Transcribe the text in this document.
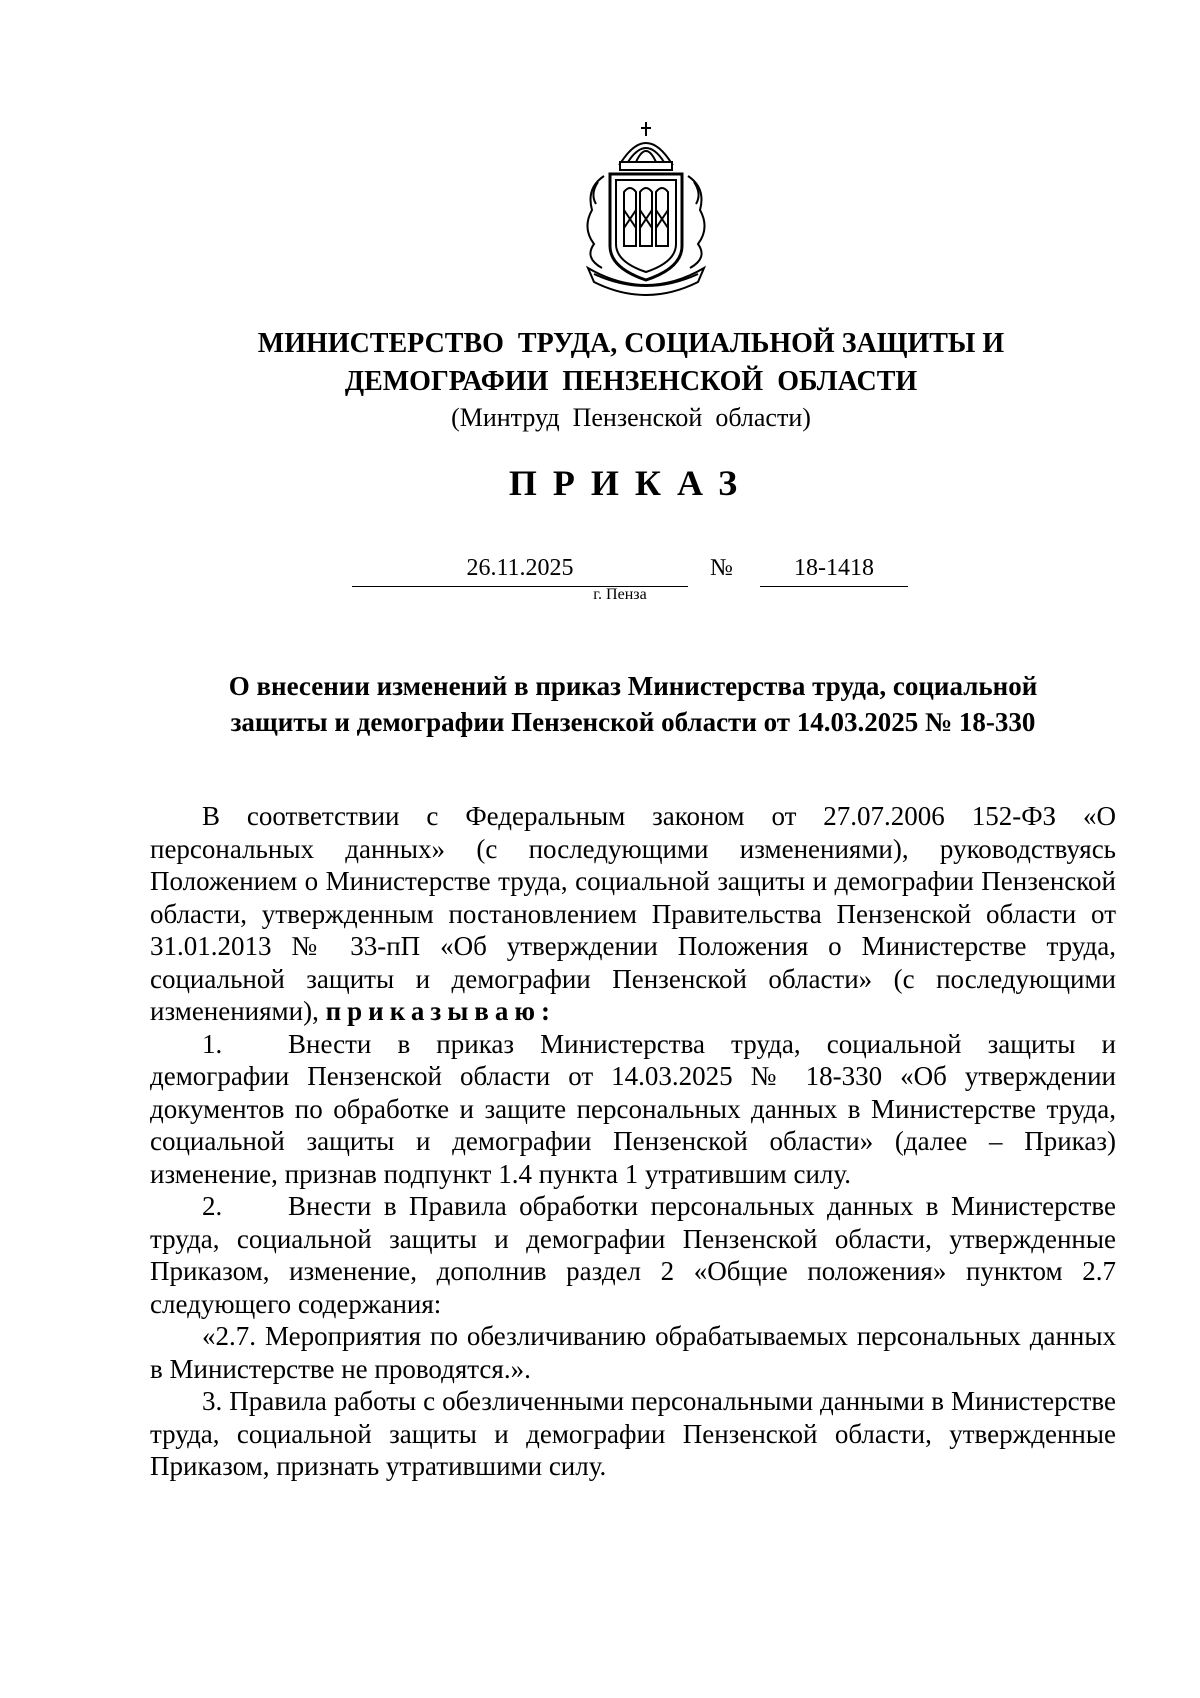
МИНИСТЕРСТВО  ТРУДА, СОЦИАЛЬНОЙ ЗАЩИТЫ И
ДЕМОГРАФИИ  ПЕНЗЕНСКОЙ  ОБЛАСТИ
(Минтруд  Пензенской  области)
ПРИКАЗ
26.11.2025	№	18-1418
г. Пенза
О внесении изменений в приказ Министерства труда, социальной
защиты и демографии Пензенской области от 14.03.2025 № 18-330

В соответствии с Федеральным законом от 27.07.2006 152-ФЗ «О персональных данных» (с последующими изменениями), руководствуясь Положением о Министерстве труда, социальной защиты и демографии Пензенской области, утвержденным постановлением Правительства Пензенской области от 31.01.2013 № 33-пП «Об утверждении Положения о Министерстве труда, социальной защиты и демографии Пензенской области» (с последующими изменениями), приказываю:

1. Внести в приказ Министерства труда, социальной защиты и демографии Пензенской области от 14.03.2025 № 18-330 «Об утверждении документов по обработке и защите персональных данных в Министерстве труда, социальной защиты и демографии Пензенской области» (далее – Приказ) изменение, признав подпункт 1.4 пункта 1 утратившим силу.

2. Внести в Правила обработки персональных данных в Министерстве труда, социальной защиты и демографии Пензенской области, утвержденные Приказом, изменение, дополнив раздел 2 «Общие положения» пунктом 2.7 следующего содержания:

«2.7. Мероприятия по обезличиванию обрабатываемых персональных данных в Министерстве не проводятся.».

3. Правила работы с обезличенными персональными данными в Министерстве труда, социальной защиты и демографии Пензенской области, утвержденные Приказом, признать утратившими силу.
